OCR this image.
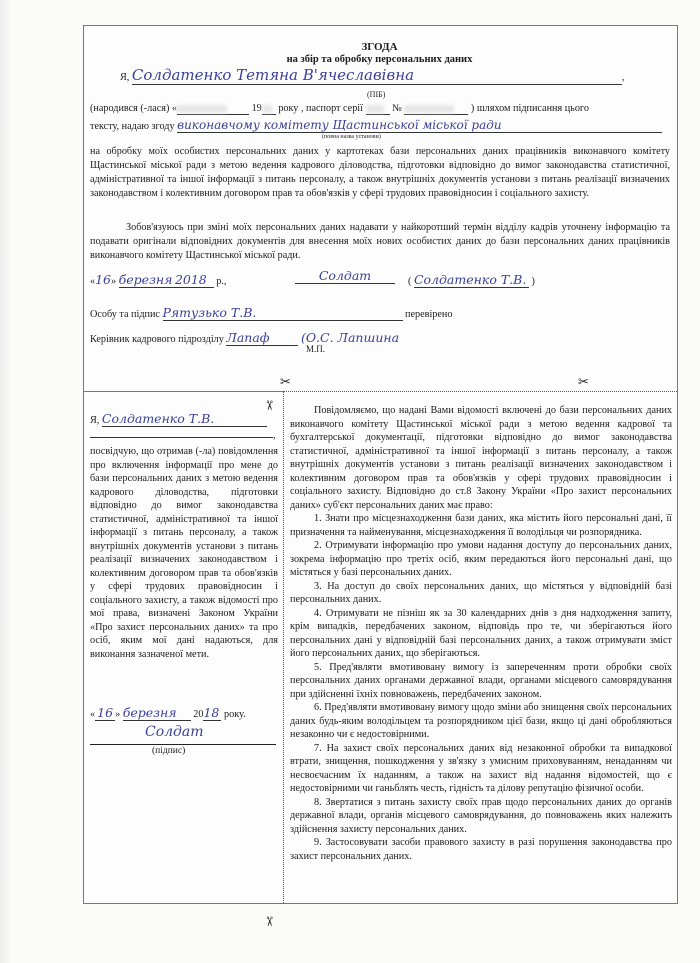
ЗГОДА
на збір та обробку персональних даних
Я, Солдатенко Тетяна В'ячеславівна	,
(ПІБ)
(народився (-лася) «	19 року , паспорт серії	№	) шляхом підписання цього
тексту, надаю згоду виконавчому комітету Щастинської міської ради
(повна назва установи)

на обробку моїх особистих персональних даних у картотеках бази персональних даних працівників виконавчого комітету Щастинської міської ради з метою ведення кадрового діловодства, підготовки відповідно до вимог законодавства статистичної, адміністративної та іншої інформації з питань персоналу, а також внутрішніх документів установи з питань реалізації визначених законодавством і колективним договором прав та обов'язків у сфері трудових правовідносин і соціального захисту.

Зобов'язуюсь при зміні моїх персональних даних надавати у найкоротший термін відділу кадрів уточнену інформацію та подавати оригінали відповідних документів для внесення моїх нових особистих даних до бази персональних даних працівників виконавчого комітету Щастинської міської ради.

«16» березня 2018 р.,	Солдат	( Солдатенко Т.В. )
Особу та підпис Рятузько Т.В.	перевірено
Керівник кадрового підрозділу Лапаф	(О.С. Лапшина
М.П.
✂	✂
✂
✂
Я, Солдатенко Т.В.
,

посвідчую, що отримав (-ла) повідомлення про включення інформації про мене до бази персональних даних з метою ведення кадрового діловодства, підготовки відповідно до вимог законодавства статистичної, адміністративної та іншої інформації з питань персоналу, а також внутрішніх документів установи з питань реалізації визначених законодавством і колективним договором прав та обов'язків у сфері трудових правовідносин і соціального захисту, а також відомості про мої права, визначені Законом України «Про захист персональних даних» та про осіб, яким мої дані надаються, для виконання зазначеної мети.

« 16 » березня 2018 року.
Солдат
(підпис)

Повідомляємо, що надані Вами відомості включені до бази персональних даних виконавчого комітету Щастинської міської ради з метою ведення кадрової та бухгалтерської документації, підготовки відповідно до вимог законодавства статистичної, адміністративної та іншої інформації з питань персоналу, а також внутрішніх документів установи з питань реалізації визначених законодавством і колективним договором прав та обов'язків у сфері трудових правовідносин і соціального захисту. Відповідно до ст.8 Закону України «Про захист персональних даних» суб'єкт персональних даних має право:

1. Знати про місцезнаходження бази даних, яка містить його персональні дані, її призначення та найменування, місцезнаходження її володільця чи розпорядника.

2. Отримувати інформацію про умови надання доступу до персональних даних, зокрема інформацію про третіх осіб, яким передаються його персональні дані, що містяться у базі персональних даних.

3. На доступ до своїх персональних даних, що містяться у відповідній базі персональних даних.

4. Отримувати не пізніш як за 30 календарних днів з дня надходження запиту, крім випадків, передбачених законом, відповідь про те, чи зберігаються його персональних дані у відповідній базі персональних даних, а також отримувати зміст його персональних даних, що зберігаються.

5. Пред'являти вмотивовану вимогу із запереченням проти обробки своїх персональних даних органами державної влади, органами місцевого самоврядування при здійсненні їхніх повноважень, передбачених законом.

6. Пред'являти вмотивовану вимогу щодо зміни або знищення своїх персональних даних будь-яким володільцем та розпорядником цієї бази, якщо ці дані обробляються незаконно чи є недостовірними.

7. На захист своїх персональних даних від незаконної обробки та випадкової втрати, знищення, пошкодження у зв'язку з умисним приховуванням, ненаданням чи несвоєчасним їх наданням, а також на захист від надання відомостей, що є недостовірними чи ганьблять честь, гідність та ділову репутацію фізичної особи.

8. Звертатися з питань захисту своїх прав щодо персональних даних до органів державної влади, органів місцевого самоврядування, до повноважень яких належить здійснення захисту персональних даних.

9. Застосовувати засоби правового захисту в разі порушення законодавства про захист персональних даних.
